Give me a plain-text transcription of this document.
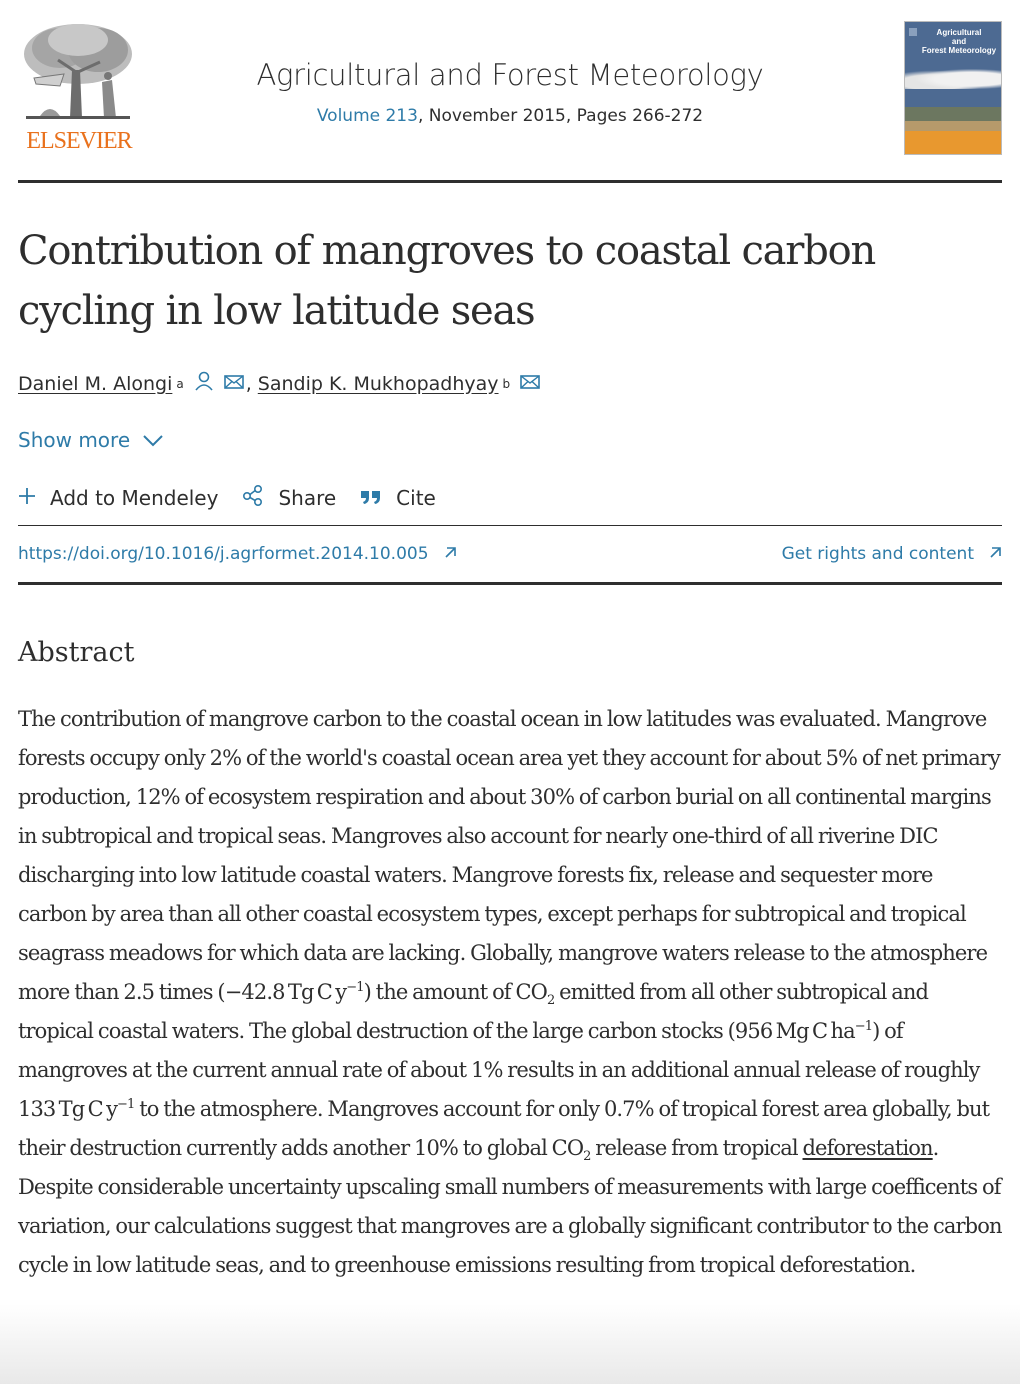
ELSEVIER
Agricultural and Forest Meteorology
Volume 213, November 2015, Pages 266-272
Agricultural
and
Forest Meteorology
Contribution of mangroves to coastal carbon cycling in low latitude seas
Daniel M. Alongi a	, Sandip K. Mukhopadhyay b
Show more
Add to Mendeley	Share	Cite
https://doi.org/10.1016/j.agrformet.2014.10.005	Get rights and content
Abstract

The contribution of mangrove carbon to the coastal ocean in low latitudes was evaluated. Mangrove forests occupy only 2% of the world's coastal ocean area yet they account for about 5% of net primary production, 12% of ecosystem respiration and about 30% of carbon burial on all continental margins in subtropical and tropical seas. Mangroves also account for nearly one-third of all riverine DIC discharging into low latitude coastal waters. Mangrove forests fix, release and sequester more carbon by area than all other coastal ecosystem types, except perhaps for subtropical and tropical seagrass meadows for which data are lacking. Globally, mangrove waters release to the atmosphere more than 2.5 times (−42.8 Tg C $y^{-1}$) the amount of $CO_2$ emitted from all other subtropical and tropical coastal waters. The global destruction of the large carbon stocks (956 Mg C $ha^{-1}$) of mangroves at the current annual rate of about 1% results in an additional annual release of roughly 133 Tg C $y^{-1}$ to the atmosphere. Mangroves account for only 0.7% of tropical forest area globally, but their destruction currently adds another 10% to global $CO_2$ release from tropical deforestation. Despite considerable uncertainty upscaling small numbers of measurements with large coefficents of variation, our calculations suggest that mangroves are a globally significant contributor to the carbon cycle in low latitude seas, and to greenhouse emissions resulting from tropical deforestation.
